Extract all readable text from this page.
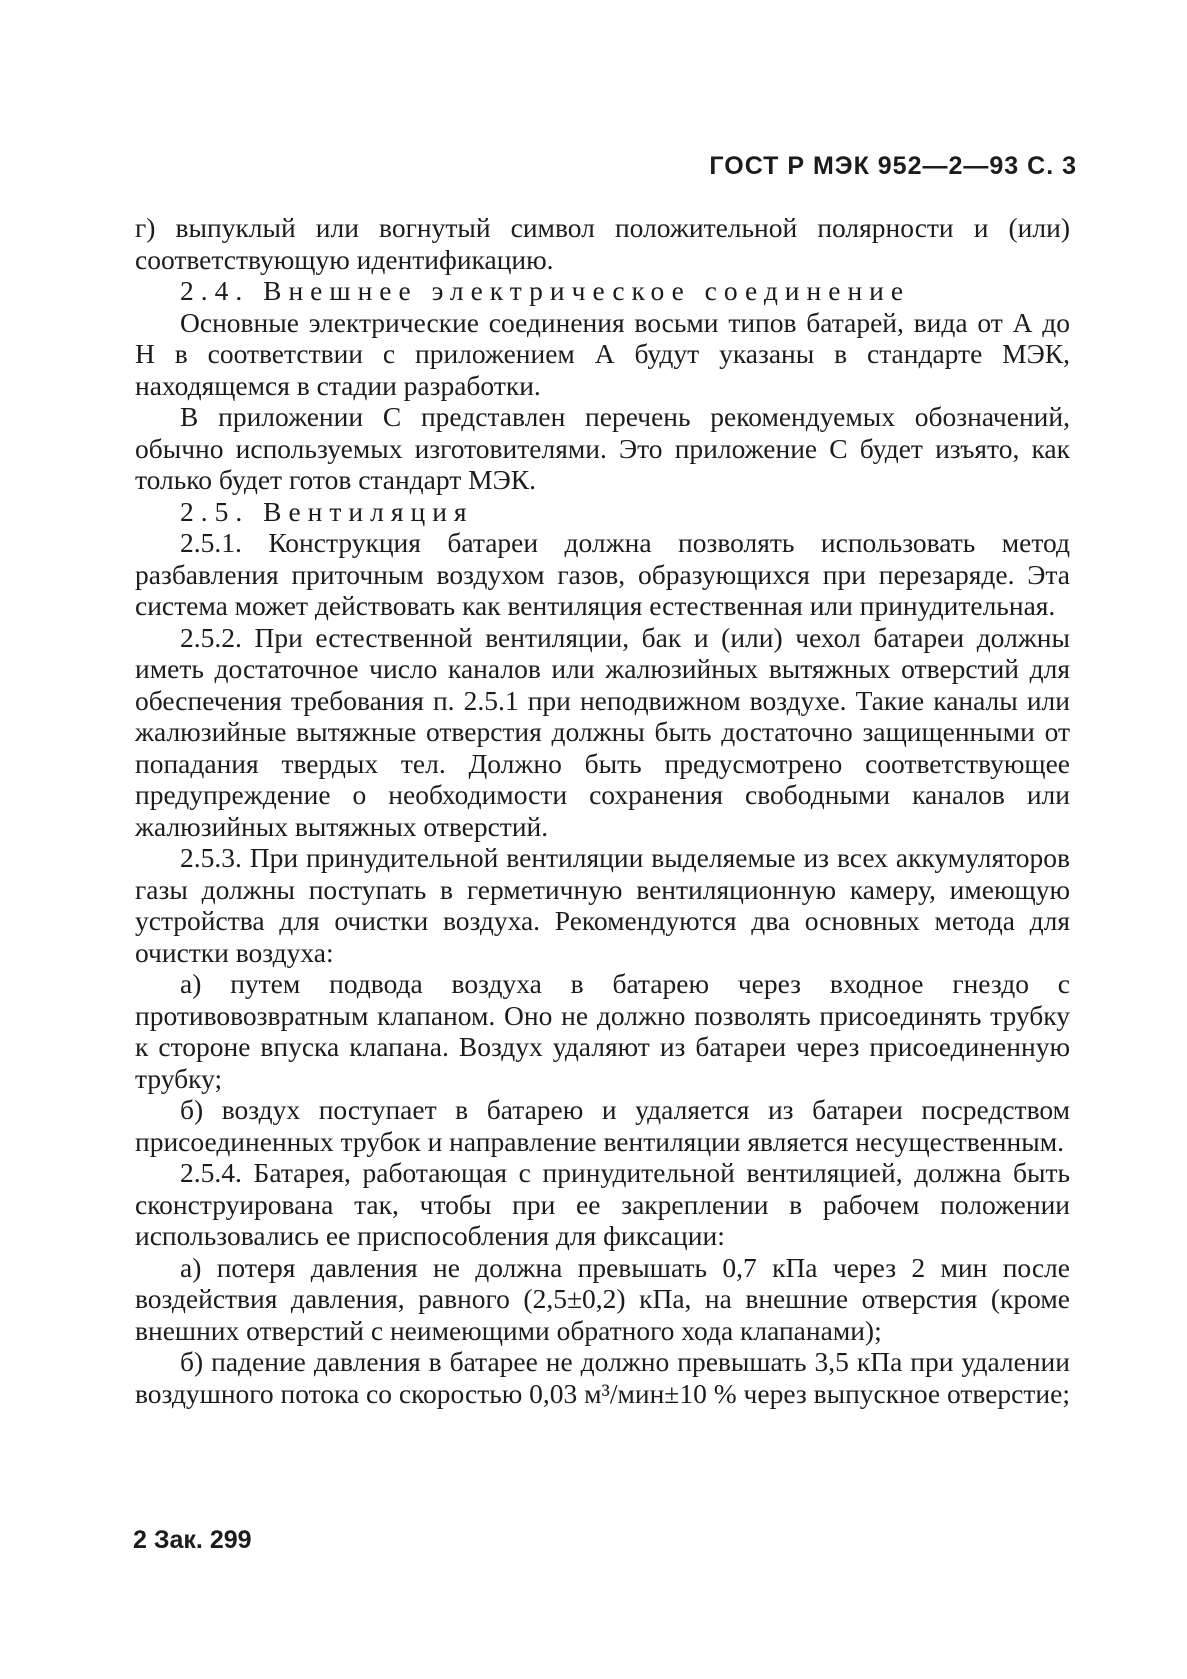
ГОСТ Р МЭК 952—2—93 С. 3

г) выпуклый или вогнутый символ положительной полярности и (или) соответствующую идентификацию.

2.4. Внешнее электрическое соединение

Основные электрические соединения восьми типов батарей, вида от А до Н в соответствии с приложением А будут указаны в стандарте МЭК, находящемся в стадии разработки.

В приложении С представлен перечень рекомендуемых обозначений, обычно используемых изготовителями. Это приложение С будет изъято, как только будет готов стандарт МЭК.

2.5. Вентиляция

2.5.1. Конструкция батареи должна позволять использовать метод разбавления приточным воздухом газов, образующихся при перезаряде. Эта система может действовать как вентиляция естественная или принудительная.

2.5.2. При естественной вентиляции, бак и (или) чехол батареи должны иметь достаточное число каналов или жалюзийных вытяжных отверстий для обеспечения требования п. 2.5.1 при неподвижном воздухе. Такие каналы или жалюзийные вытяжные отверстия должны быть достаточно защищенными от попадания твердых тел. Должно быть предусмотрено соответствующее предупреждение о необходимости сохранения свободными каналов или жалюзийных вытяжных отверстий.

2.5.3. При принудительной вентиляции выделяемые из всех аккумуляторов газы должны поступать в герметичную вентиляционную камеру, имеющую устройства для очистки воздуха. Рекомендуются два основных метода для очистки воздуха:

а) путем подвода воздуха в батарею через входное гнездо с противовозвратным клапаном. Оно не должно позволять присоединять трубку к стороне впуска клапана. Воздух удаляют из батареи через присоединенную трубку;

б) воздух поступает в батарею и удаляется из батареи посредством присоединенных трубок и направление вентиляции является несущественным.

2.5.4. Батарея, работающая с принудительной вентиляцией, должна быть сконструирована так, чтобы при ее закреплении в рабочем положении использовались ее приспособления для фиксации:

а) потеря давления не должна превышать 0,7 кПа через 2 мин после воздействия давления, равного (2,5±0,2) кПа, на внешние отверстия (кроме внешних отверстий с неимеющими обратного хода клапанами);

б) падение давления в батарее не должно превышать 3,5 кПа при удалении воздушного потока со скоростью 0,03 м³/мин±10 % через выпускное отверстие;

2 Зак. 299
